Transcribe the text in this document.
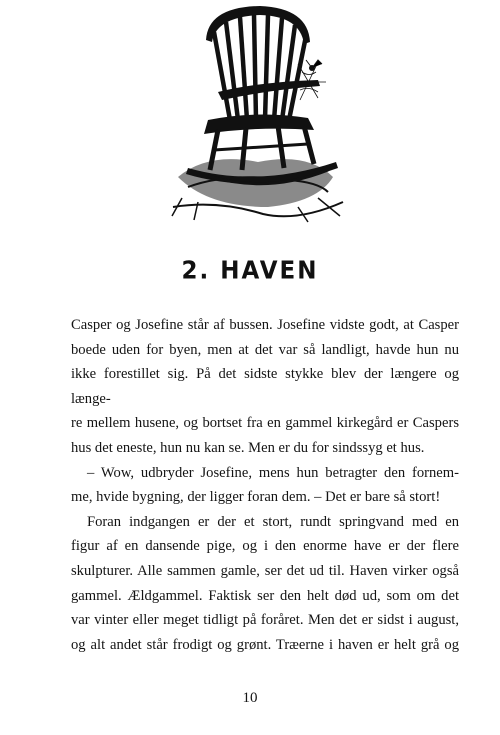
2. HAVEN

Casper og Josefine står af bussen. Josefine vidste godt, at Casper

boede uden for byen, men at det var så landligt, havde hun nu

ikke forestillet sig. På det sidste stykke blev der længere og længe-

re mellem husene, og bortset fra en gammel kirkegård er Caspers

hus det eneste, hun nu kan se. Men er du for sindssyg et hus.

– Wow, udbryder Josefine, mens hun betragter den fornem-

me, hvide bygning, der ligger foran dem. – Det er bare så stort!

Foran indgangen er der et stort, rundt springvand med en

figur af en dansende pige, og i den enorme have er der flere

skulpturer. Alle sammen gamle, ser det ud til. Haven virker også

gammel. Ældgammel. Faktisk ser den helt død ud, som om det

var vinter eller meget tidligt på foråret. Men det er sidst i august,

og alt andet står frodigt og grønt. Træerne i haven er helt grå og

10
